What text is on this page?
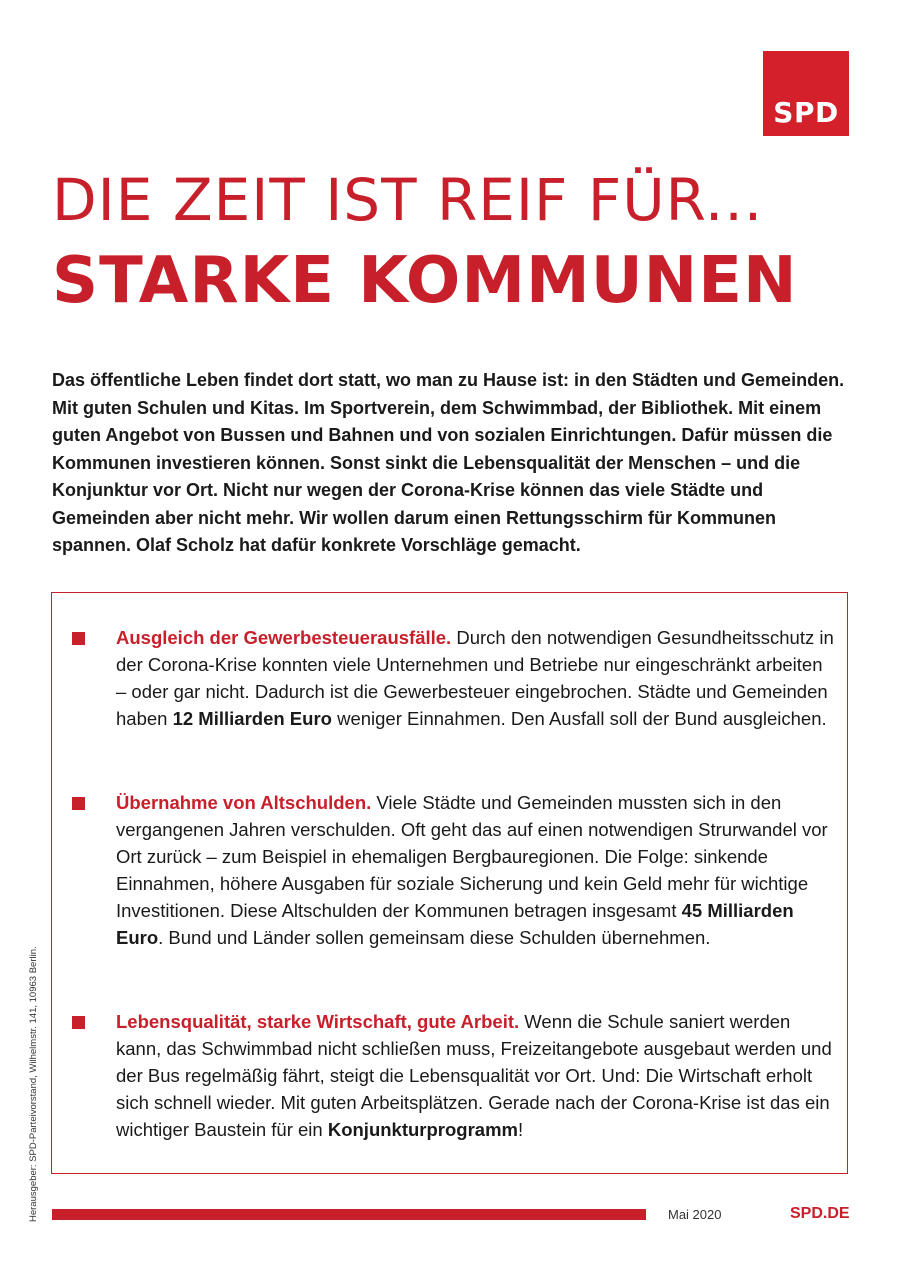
SPD
DIE ZEIT IST REIF FÜR...
STARKE KOMMUNEN

Das öffentliche Leben findet dort statt, wo man zu Hause ist: in den Städten und Gemeinden. Mit guten Schulen und Kitas. Im Sportverein, dem Schwimmbad, der Bibliothek. Mit einem guten Angebot von Bussen und Bahnen und von sozialen Einrichtungen. Dafür müssen die Kommunen investieren können. Sonst sinkt die Lebensqualität der Menschen – und die Konjunktur vor Ort. Nicht nur wegen der Corona-Krise können das viele Städte und Gemeinden aber nicht mehr. Wir wollen darum einen Rettungsschirm für Kommunen spannen. Olaf Scholz hat dafür konkrete Vorschläge gemacht.

Ausgleich der Gewerbesteuerausfälle. Durch den notwendigen Gesundheitsschutz in der Corona-Krise konnten viele Unternehmen und Betriebe nur eingeschränkt arbeiten – oder gar nicht. Dadurch ist die Gewerbesteuer eingebrochen. Städte und Gemeinden haben 12 Milliarden Euro weniger Einnahmen. Den Ausfall soll der Bund ausgleichen.
Übernahme von Altschulden. Viele Städte und Gemeinden mussten sich in den vergangenen Jahren verschulden. Oft geht das auf einen notwendigen Strurwandel vor Ort zurück – zum Beispiel in ehemaligen Bergbauregionen. Die Folge: sinkende Einnahmen, höhere Ausgaben für soziale Sicherung und kein Geld mehr für wichtige Investitionen. Diese Altschulden der Kommunen betragen insgesamt 45 Milliarden Euro. Bund und Länder sollen gemeinsam diese Schulden übernehmen.
Lebensqualität, starke Wirtschaft, gute Arbeit. Wenn die Schule saniert werden kann, das Schwimmbad nicht schließen muss, Freizeitangebote ausgebaut werden und der Bus regelmäßig fährt, steigt die Lebensqualität vor Ort. Und: Die Wirtschaft erholt sich schnell wieder. Mit guten Arbeitsplätzen. Gerade nach der Corona-Krise ist das ein wichtiger Baustein für ein Konjunkturprogramm!
Herausgeber: SPD-Parteivorstand, Wilhelmstr. 141, 10963 Berlin.	Mai 2020	SPD.DE
